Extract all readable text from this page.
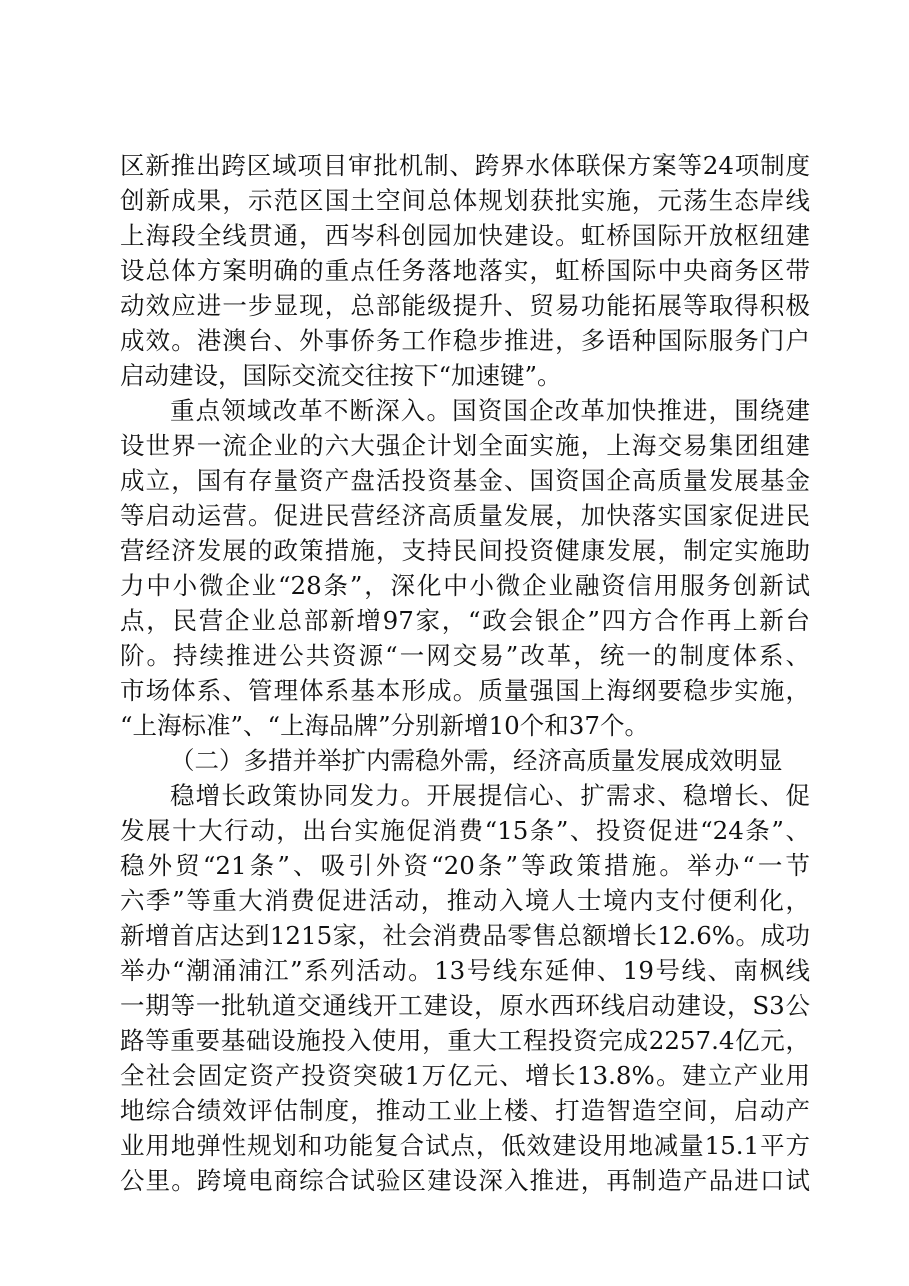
区新推出跨区域项目审批机制、跨界水体联保方案等24项制度
创新成果，示范区国土空间总体规划获批实施，元荡生态岸线
上海段全线贯通，西岑科创园加快建设。虹桥国际开放枢纽建
设总体方案明确的重点任务落地落实，虹桥国际中央商务区带
动效应进一步显现，总部能级提升、贸易功能拓展等取得积极
成效。港澳台、外事侨务工作稳步推进，多语种国际服务门户
启动建设，国际交流交往按下“加速键”。
重点领域改革不断深入。国资国企改革加快推进，围绕建
设世界一流企业的六大强企计划全面实施，上海交易集团组建
成立，国有存量资产盘活投资基金、国资国企高质量发展基金
等启动运营。促进民营经济高质量发展，加快落实国家促进民
营经济发展的政策措施，支持民间投资健康发展，制定实施助
力中小微企业“28条”，深化中小微企业融资信用服务创新试
点，民营企业总部新增97家，“政会银企”四方合作再上新台
阶。持续推进公共资源“一网交易”改革，统一的制度体系、
市场体系、管理体系基本形成。质量强国上海纲要稳步实施，
“上海标准”、“上海品牌”分别新增10个和37个。
（二）多措并举扩内需稳外需，经济高质量发展成效明显
稳增长政策协同发力。开展提信心、扩需求、稳增长、促
发展十大行动，出台实施促消费“15条”、投资促进“24条”、
稳外贸“21条”、吸引外资“20条”等政策措施。举办“一节
六季”等重大消费促进活动，推动入境人士境内支付便利化，
新增首店达到1215家，社会消费品零售总额增长12.6%。成功
举办“潮涌浦江”系列活动。13号线东延伸、19号线、南枫线
一期等一批轨道交通线开工建设，原水西环线启动建设，S3公
路等重要基础设施投入使用，重大工程投资完成2257.4亿元，
全社会固定资产投资突破1万亿元、增长13.8%。建立产业用
地综合绩效评估制度，推动工业上楼、打造智造空间，启动产
业用地弹性规划和功能复合试点，低效建设用地减量15.1平方
公里。跨境电商综合试验区建设深入推进，再制造产品进口试
